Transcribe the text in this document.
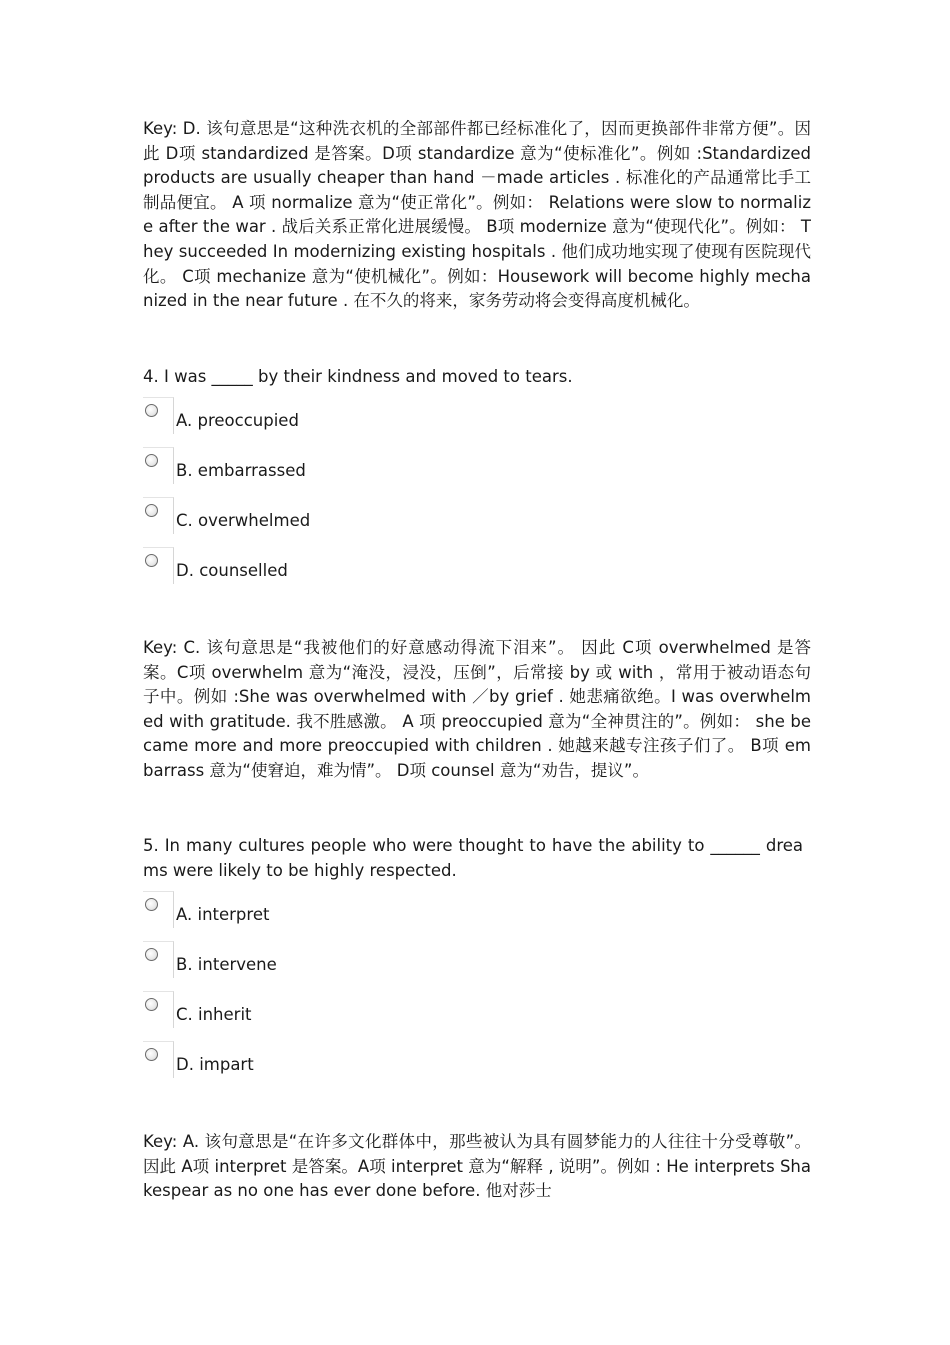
Key: D. 该句意思是“这种洗衣机的全部部件都已经标准化了，因而更换部件非常方便”。因此 D项 standardized 是答案。D项 standardize 意为“使标准化”。例如 :Standardized products are usually cheaper than hand －made articles . 标准化的产品通常比手工制品便宜。 A 项 normalize 意为“使正常化”。例如： Relations were slow to normalize after the war . 战后关系正常化进展缓慢。 B项 modernize 意为“使现代化”。例如： They succeeded In modernizing existing hospitals . 他们成功地实现了使现有医院现代化。 C项 mechanize 意为“使机械化”。例如：Housework will become highly mechanized in the near future . 在不久的将来，家务劳动将会变得高度机械化。

4. I was _____ by their kindness and moved to tears.

A. preoccupied
B. embarrassed
C. overwhelmed
D. counselled

Key: C. 该句意思是“我被他们的好意感动得流下泪来”。 因此 C项 overwhelmed 是答案。C项 overwhelm 意为“淹没，浸没，压倒”，后常接 by 或 with ，常用于被动语态句子中。例如 :She was overwhelmed with ／by grief . 她悲痛欲绝。I was overwhelmed with gratitude. 我不胜感激。 A 项 preoccupied 意为“全神贯注的”。例如： she became more and more preoccupied with children . 她越来越专注孩子们了。 B项 embarrass 意为“使窘迫，难为情”。 D项 counsel 意为“劝告，提议”。

5. In many cultures people who were thought to have the ability to ______ dreams were likely to be highly respected.

A. interpret
B. intervene
C. inherit
D. impart

Key: A. 该句意思是“在许多文化群体中，那些被认为具有圆梦能力的人往往十分受尊敬”。因此 A项 interpret 是答案。A项 interpret 意为“解释 , 说明”。例如 : He interprets Shakespear as no one has ever done before. 他对莎士
